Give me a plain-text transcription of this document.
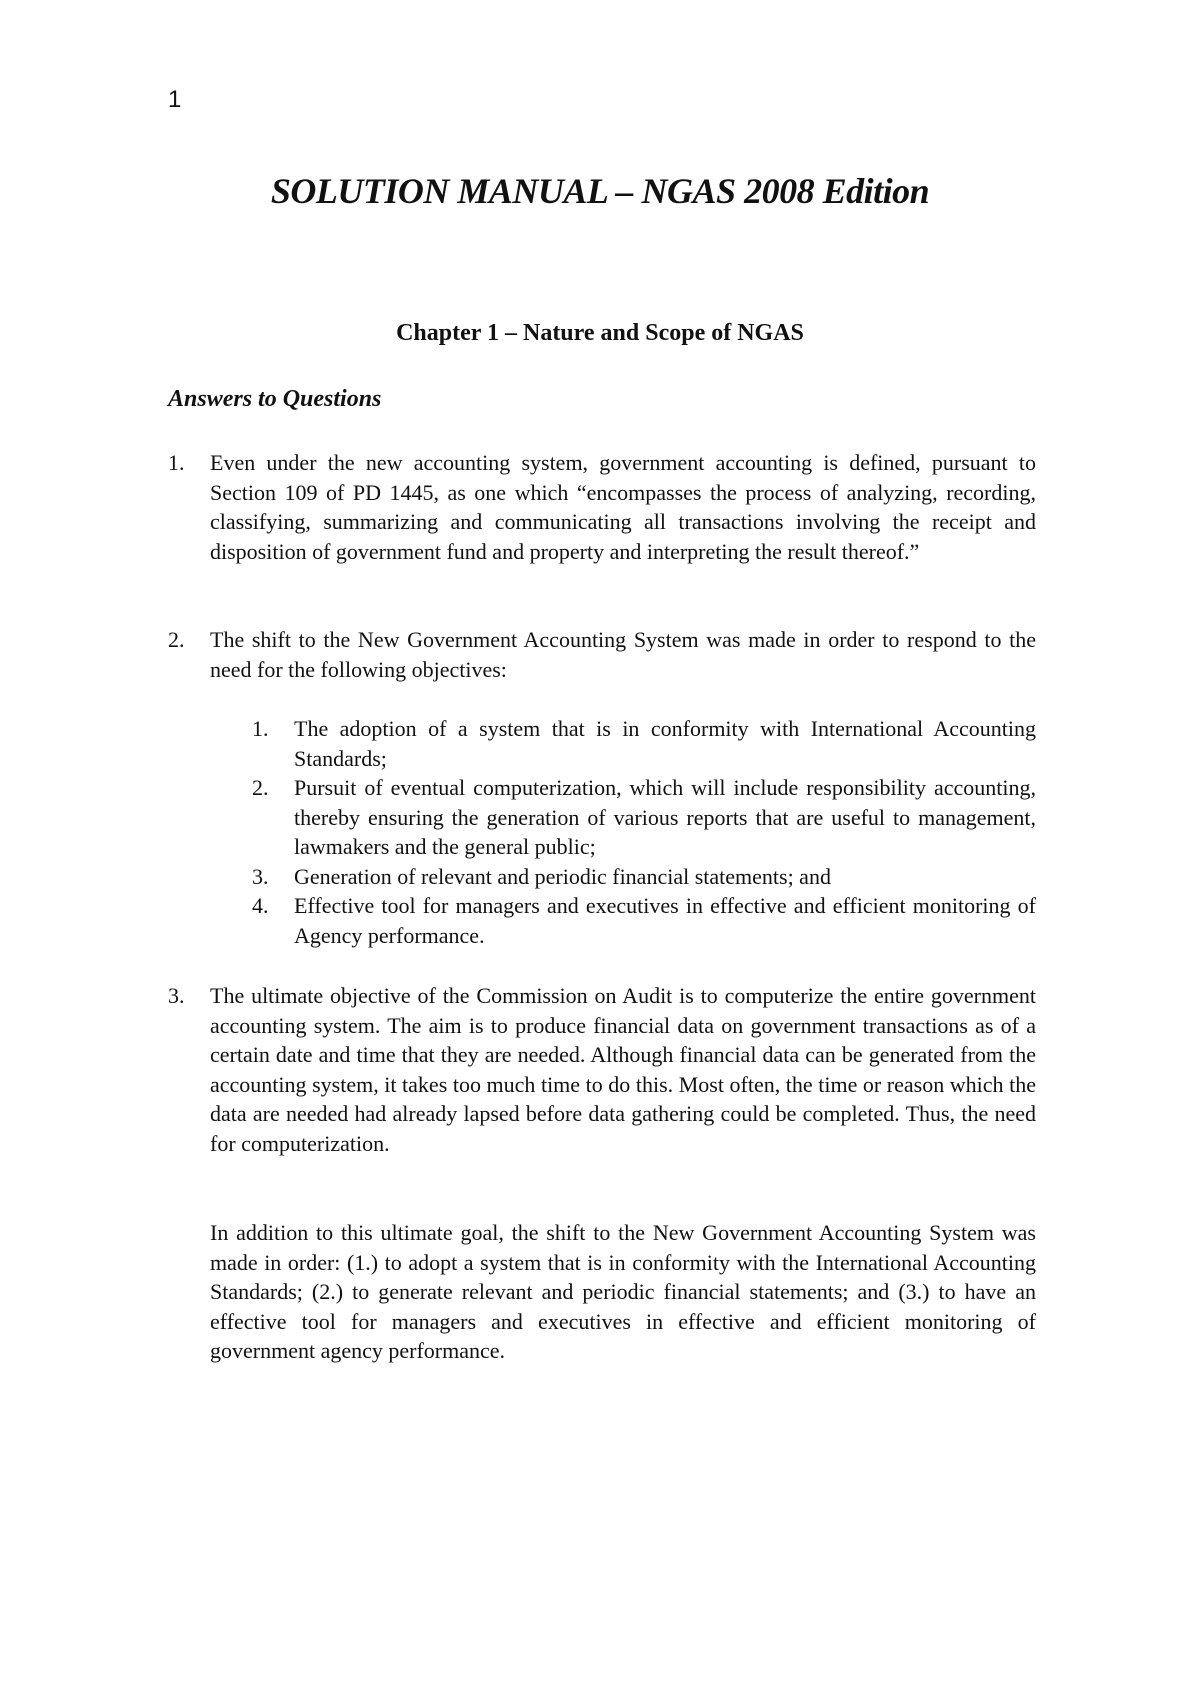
1
SOLUTION MANUAL – NGAS 2008 Edition
Chapter 1 – Nature and Scope of NGAS
Answers to Questions
1. Even under the new accounting system, government accounting is defined, pursuant to Section 109 of PD 1445, as one which “encompasses the process of analyzing, recording, classifying, summarizing and communicating all transactions involving the receipt and disposition of government fund and property and interpreting the result thereof.”

2. The shift to the New Government Accounting System was made in order to respond to the need for the following objectives:

1. The adoption of a system that is in conformity with International Accounting Standards;

2. Pursuit of eventual computerization, which will include responsibility accounting, thereby ensuring the generation of various reports that are useful to management, lawmakers and the general public;

3. Generation of relevant and periodic financial statements; and

4. Effective tool for managers and executives in effective and efficient monitoring of Agency performance.

3. The ultimate objective of the Commission on Audit is to computerize the entire government accounting system. The aim is to produce financial data on government transactions as of a certain date and time that they are needed. Although financial data can be generated from the accounting system, it takes too much time to do this. Most often, the time or reason which the data are needed had already lapsed before data gathering could be completed. Thus, the need for computerization.

In addition to this ultimate goal, the shift to the New Government Accounting System was made in order: (1.) to adopt a system that is in conformity with the International Accounting Standards; (2.) to generate relevant and periodic financial statements; and (3.) to have an effective tool for managers and executives in effective and efficient monitoring of government agency performance.
